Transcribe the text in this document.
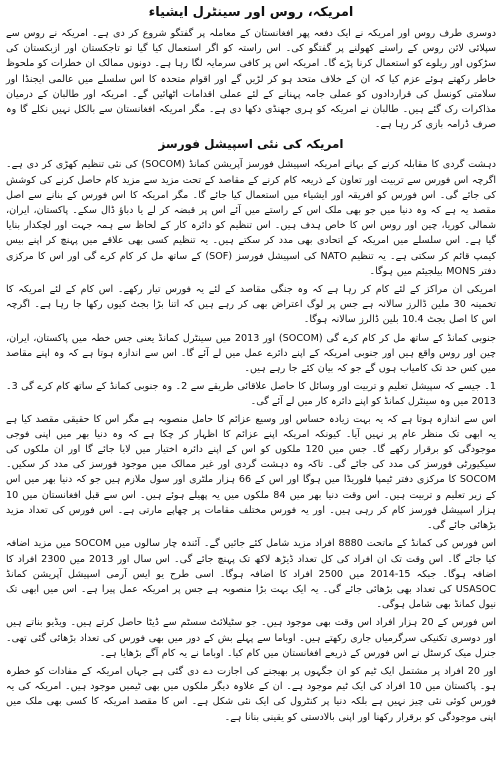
امریکہ، روس اور سینٹرل ایشیاء
دوسری طرف روس اور امریکہ نے ایک دفعہ پھر افغانستان کے معاملہ پر گفتگو شروع کر دی ہے۔ امریکہ نے روس سے سپلائی لائن روس کے راستے کھولنے پر گفتگو کی۔ اس راستہ کو اگر استعمال کیا گیا تو تاجکستان اور ازبکستان کی سڑکوں اور ریلوے کو استعمال کرنا پڑے گا۔ امریکہ اس پر کافی سرمایہ لگا رہا ہے۔ دونوں ممالک ان خطرات کو ملحوظ خاطر رکھتے ہوئے عزم کیا کہ ان کے خلاف متحد ہو کر لڑیں گے اور اقوام متحدہ کا اس سلسلے میں عالمی ایجنڈا اور سلامتی کونسل کی قراردادوں کو عملی جامہ پہنانے کے لئے عملی اقدامات اٹھائیں گے۔ امریکہ اور طالبان کے درمیان مذاکرات رک گئے ہیں۔ طالبان نے امریکہ کو ہری جھنڈی دکھا دی ہے۔ مگر امریکہ افغانستان سے بالکل نہیں نکلے گا وہ صرف ڈرامہ بازی کر رہا ہے۔
امریکہ کی نئی اسپیشل فورسز
دہشت گردی کا مقابلہ کرنے کے بہانے امریکہ اسپیشل فورسز آپریشن کمانڈ (SOCOM) کی نئی تنظیم کھڑی کر دی ہے۔ اگرچہ اس فورس سے تربیت اور تعاون کے ذریعہ کام کرنے کے مقاصد کے تحت مزید سے مزید کام حاصل کرنے کی کوشش کی جائے گی۔ اس فورس کو افریقہ اور ایشیاء میں استعمال کیا جائے گا۔ مگر امریکہ کا اس فورس کے بنانے سے اصل مقصد یہ ہے کہ وہ دنیا میں جو بھی ملک اس کے راستے میں آئے اس پر قبضہ کر لے یا دباؤ ڈال سکے۔ پاکستان، ایران، شمالی کوریا، چین اور روس اس کا خاص ہدف ہیں۔ اس تنظیم کو دائرہ کار کے لحاظ سے ہمہ جہت اور لچکدار بنایا گیا ہے۔ اس سلسلے میں امریکہ کے اتحادی بھی مدد کر سکتے ہیں۔ یہ تنظیم کسی بھی علاقے میں پہنچ کر اپنے بیس کیمپ قائم کر سکتی ہے۔ یہ تنظیم NATO کی اسپیشل فورسز (SOF) کے ساتھ مل کر کام کرے گی اور اس کا مرکزی دفتر MONS بیلجیئم میں ہوگا۔
امریکی ان مراکز کے لئے کام کر رہا ہے کہ وہ جنگی مقاصد کے لئے یہ فورس تیار رکھے۔ اس کام کے لئے امریکہ کا تخمینہ 30 ملین ڈالرز سالانہ ہے جس پر لوگ اعتراض بھی کر رہے ہیں کہ اتنا بڑا بجٹ کیوں رکھا جا رہا ہے۔ اگرچہ اس کا اصل بجٹ 10.4 بلین ڈالرز سالانہ ہوگا۔
جنوبی کمانڈ کے ساتھ مل کر کام کرے گی (SOCOM) اور 2013 میں سینٹرل کمانڈ یعنی جس خطہ میں پاکستان، ایران، چین اور روس واقع ہیں اور جنوبی امریکہ کے اپنے دائرے عمل میں لے آئے گا۔ اس سے اندازہ ہوتا ہے کہ وہ اپنے مقاصد میں کس حد تک کامیاب ہوں گے جو کہ بیان کئے جا رہے ہیں۔
1۔ جیسے کہ سپیشل تعلیم و تربیت اور وسائل کا حاصل علاقائی طریقے سے 2۔ وہ جنوبی کمانڈ کے ساتھ کام کرے گی 3۔ 2013 میں وہ سینٹرل کمانڈ کو اپنے دائرہ کار میں لے آئے گی۔
اس سے اندازہ ہوتا ہے کہ یہ بہت زیادہ حساس اور وسیع عزائم کا حامل منصوبہ ہے مگر اس کا حقیقی مقصد کیا ہے یہ ابھی تک منظر عام پر نہیں آیا۔ کیونکہ امریکہ اپنے عزائم کا اظہار کر چکا ہے کہ وہ دنیا بھر میں اپنی فوجی موجودگی کو برقرار رکھے گا۔ جس میں 120 ملکوں کو اس کے اپنے دائرہ اختیار میں لایا جائے گا اور ان ملکوں کی سیکیورٹی فورسز کی مدد کی جائے گی۔ تاکہ وہ دہشت گردی اور غیر ممالک میں موجود فورسز کی مدد کر سکیں۔ SOCOM کا مرکزی دفتر ٹیمپا فلوریڈا میں ہوگا اور اس کے 66 ہزار ملٹری اور سول ملازم ہیں جو کہ دنیا بھر میں اس کے زیر تعلیم و تربیت ہیں۔ اس وقت دنیا بھر میں 84 ملکوں میں یہ پھیلے ہوئے ہیں۔ اس سے قبل افغانستان میں 10 ہزار اسپیشل فورسز کام کر رہی ہیں۔ اور یہ فورس مختلف مقامات پر چھاپے مارتی ہے۔ اس فورس کی تعداد مزید بڑھائی جائے گی۔
اس فورس کی کمانڈ کے ماتحت 8880 افراد مزید شامل کئے جائیں گے۔ آئندہ چار سالوں میں SOCOM میں مزید اضافہ کیا جائے گا۔ اس وقت تک ان افراد کی کل تعداد ڈیڑھ لاکھ تک پہنچ جائے گی۔ اس سال اور 2013 میں 2300 افراد کا اضافہ ہوگا۔ جبکہ 15-2014 میں 2500 افراد کا اضافہ ہوگا۔ اسی طرح یو ایس آرمی اسپیشل آپریشن کمانڈ USASOC کی تعداد بھی بڑھائی جائے گی۔ یہ ایک بہت بڑا منصوبہ ہے جس پر امریکہ عمل پیرا ہے۔ اس میں ابھی تک نیول کمانڈ بھی شامل ہوگی۔
اس فورس کے 20 ہزار افراد اس وقت بھی موجود ہیں۔ جو سٹیلائٹ سسٹم سے ڈیٹا حاصل کرتے ہیں۔ ویڈیو بناتے ہیں اور دوسری تکنیکی سرگرمیاں جاری رکھتے ہیں۔ اوباما سے پہلے بش کے دور میں بھی فورس کی تعداد بڑھائی گئی تھی۔ جنرل میک کرسٹل نے اس فورس کے ذریعے افغانستان میں کام کیا۔ اوباما نے یہ کام آگے بڑھایا ہے۔
اور 20 افراد پر مشتمل ایک ٹیم کو ان جگہوں پر بھیجنے کی اجازت دے دی گئی ہے جہاں امریکہ کے مفادات کو خطرہ ہو۔ پاکستان میں 10 افراد کی ایک ٹیم موجود ہے۔ ان کے علاوہ دیگر ملکوں میں بھی ٹیمیں موجود ہیں۔ امریکہ کی یہ فورس کوئی نئی چیز نہیں ہے بلکہ دنیا پر کنٹرول کی ایک نئی شکل ہے۔ اس کا مقصد امریکہ کا کسی بھی ملک میں اپنی موجودگی کو برقرار رکھنا اور اپنی بالادستی کو یقینی بنانا ہے۔
